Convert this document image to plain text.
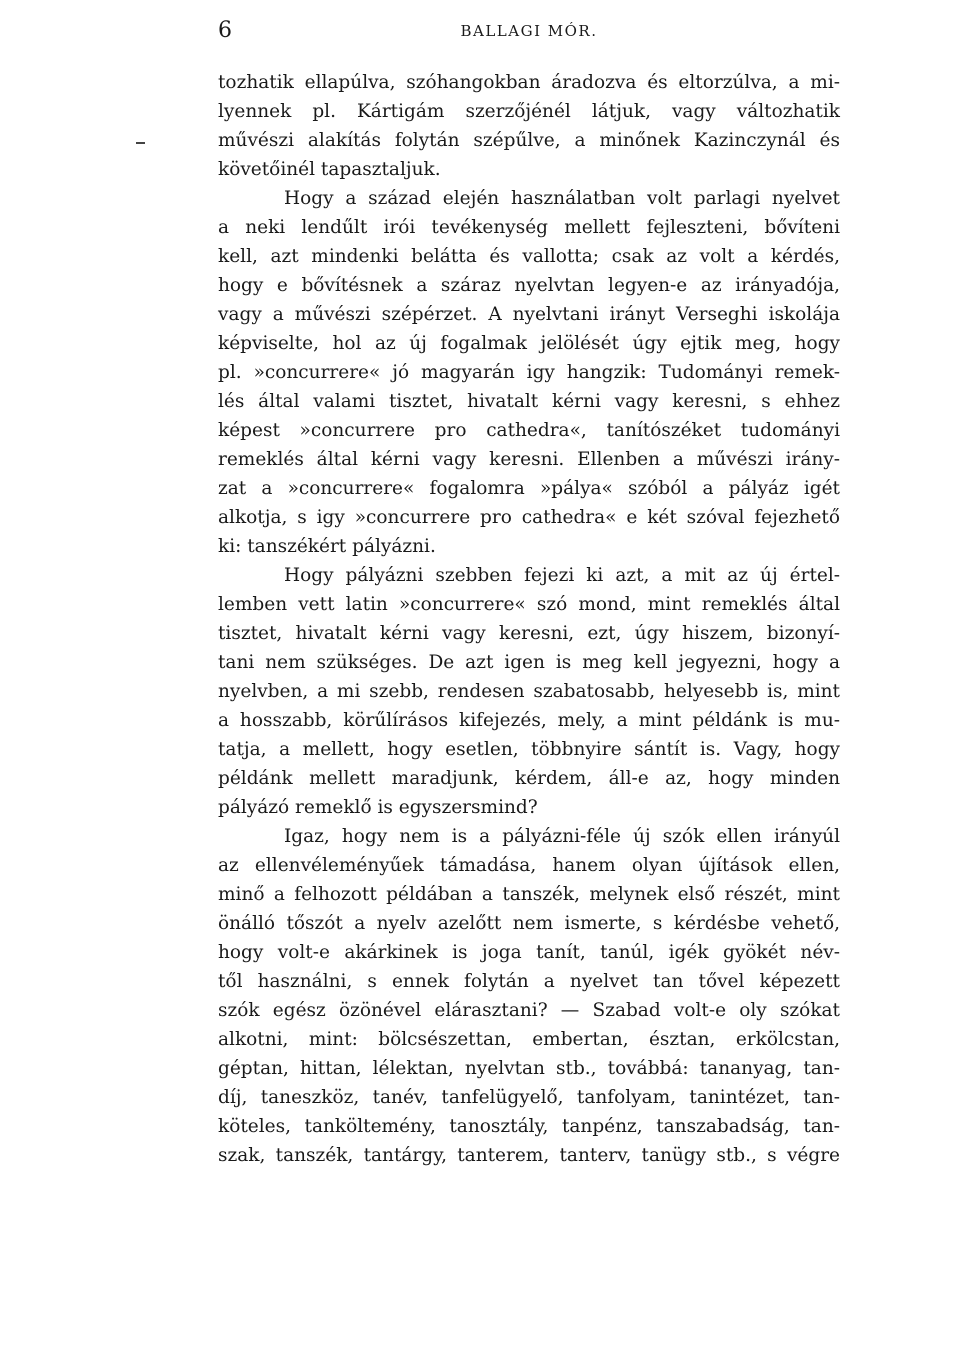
6	BALLAGI MÓR.
tozhatik ellapúlva, szóhangokban áradozva és eltorzúlva, a mi-
lyennek pl. Kártigám szerzőjénél látjuk, vagy változhatik
művészi alakítás folytán szépűlve, a minőnek Kazinczynál és
követőinél tapasztaljuk.
Hogy a század elején használatban volt parlagi nyelvet
a neki lendűlt irói tevékenység mellett fejleszteni, bővíteni
kell, azt mindenki belátta és vallotta; csak az volt a kérdés,
hogy e bővítésnek a száraz nyelvtan legyen-e az irányadója,
vagy a művészi szépérzet. A nyelvtani irányt Verseghi iskolája
képviselte, hol az új fogalmak jelölését úgy ejtik meg, hogy
pl. »concurrere« jó magyarán igy hangzik: Tudományi remek-
lés által valami tisztet, hivatalt kérni vagy keresni, s ehhez
képest »concurrere pro cathedra«, tanítószéket tudományi
remeklés által kérni vagy keresni. Ellenben a művészi irány-
zat a »concurrere« fogalomra »pálya« szóból a pályáz igét
alkotja, s igy »concurrere pro cathedra« e két szóval fejezhető
ki: tanszékért pályázni.
Hogy pályázni szebben fejezi ki azt, a mit az új értel-
lemben vett latin »concurrere« szó mond, mint remeklés által
tisztet, hivatalt kérni vagy keresni, ezt, úgy hiszem, bizonyí-
tani nem szükséges. De azt igen is meg kell jegyezni, hogy a
nyelvben, a mi szebb, rendesen szabatosabb, helyesebb is, mint
a hosszabb, körűlírásos kifejezés, mely, a mint példánk is mu-
tatja, a mellett, hogy esetlen, többnyire sántít is. Vagy, hogy
példánk mellett maradjunk, kérdem, áll-e az, hogy minden
pályázó remeklő is egyszersmind?
Igaz, hogy nem is a pályázni-féle új szók ellen irányúl
az ellenvéleményűek támadása, hanem olyan újítások ellen,
minő a felhozott példában a tanszék, melynek első részét, mint
önálló tőszót a nyelv azelőtt nem ismerte, s kérdésbe vehető,
hogy volt-e akárkinek is joga tanít, tanúl, igék gyökét név-
től használni, s ennek folytán a nyelvet tan tővel képezett
szók egész özönével elárasztani? — Szabad volt-e oly szókat
alkotni, mint: bölcsészettan, embertan, észtan, erkölcstan,
géptan, hittan, lélektan, nyelvtan stb., továbbá: tananyag, tan-
díj, taneszköz, tanév, tanfelügyelő, tanfolyam, tanintézet, tan-
köteles, tanköltemény, tanosztály, tanpénz, tanszabadság, tan-
szak, tanszék, tantárgy, tanterem, tanterv, tanügy stb., s végre
